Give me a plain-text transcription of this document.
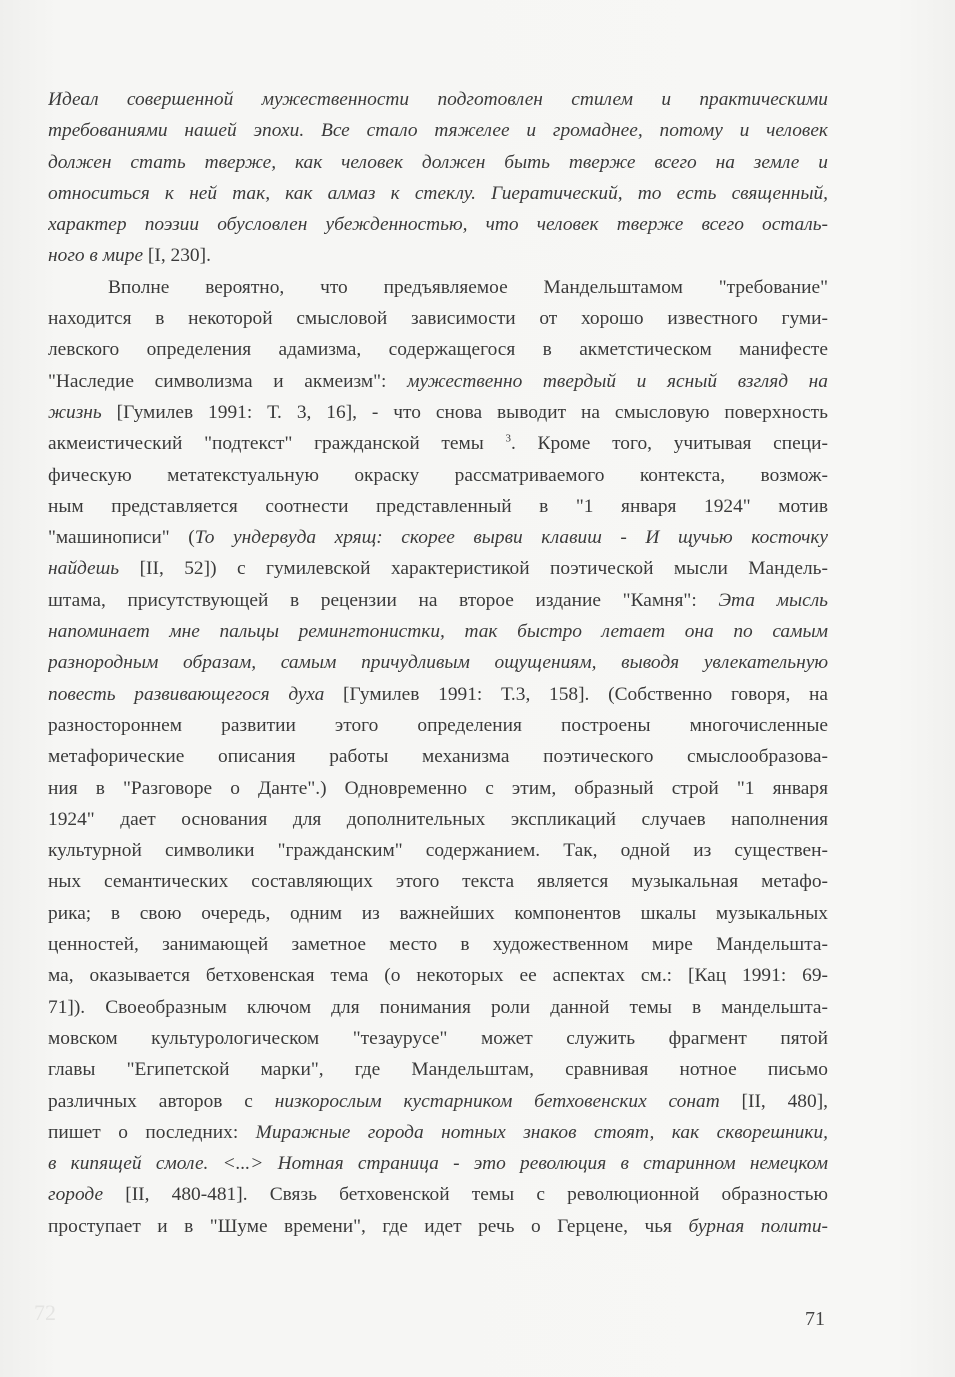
Идеал совершенной мужественности подготовлен стилем и практическими
требованиями нашей эпохи. Все стало тяжелее и громаднее, потому и человек
должен стать тверже, как человек должен быть тверже всего на земле и
относиться к ней так, как алмаз к стеклу. Гиератический, то есть священный,
характер поэзии обусловлен убежденностью, что человек тверже всего осталь-
ного в мире [I, 230].
Вполне вероятно, что предъявляемое Мандельштамом "требование"
находится в некоторой смысловой зависимости от хорошо известного гуми-
левского определения адамизма, содержащегося в акметстическом манифесте
"Наследие символизма и акмеизм": мужественно твердый и ясный взгляд на
жизнь [Гумилев 1991: Т. 3, 16], - что снова выводит на смысловую поверхность
акмеистический "подтекст" гражданской темы $^3$. Кроме того, учитывая специ-
фическую метатекстуальную окраску рассматриваемого контекста, возмож-
ным представляется соотнести представленный в "1 января 1924" мотив
"машинописи" (То ундервуда хрящ: скорее вырви клавиш - И щучью косточку
найдешь [II, 52]) с гумилевской характеристикой поэтической мысли Мандель-
штама, присутствующей в рецензии на второе издание "Камня": Эта мысль
напоминает мне пальцы ремингтонистки, так быстро летает она по самым
разнородным образам, самым причудливым ощущениям, выводя увлекательную
повесть развивающегося духа [Гумилев 1991: Т.3, 158]. (Собственно говоря, на
разностороннем развитии этого определения построены многочисленные
метафорические описания работы механизма поэтического смыслообразова-
ния в "Разговоре о Данте".) Одновременно с этим, образный строй "1 января
1924" дает основания для дополнительных экспликаций случаев наполнения
культурной символики "гражданским" содержанием. Так, одной из существен-
ных семантических составляющих этого текста является музыкальная метафо-
рика; в свою очередь, одним из важнейших компонентов шкалы музыкальных
ценностей, занимающей заметное место в художественном мире Мандельшта-
ма, оказывается бетховенская тема (о некоторых ее аспектах см.: [Кац 1991: 69-
71]). Своеобразным ключом для понимания роли данной темы в мандельшта-
мовском культурологическом "тезаурусе" может служить фрагмент пятой
главы "Египетской марки", где Мандельштам, сравнивая нотное письмо
различных авторов с низкорослым кустарником бетховенских сонат [II, 480],
пишет о последних: Миражные города нотных знаков стоят, как скворешники,
в кипящей смоле. <...> Нотная страница - это революция в старинном немецком
городе [II, 480-481]. Связь бетховенской темы с революционной образностью
проступает и в "Шуме времени", где идет речь о Герцене, чья бурная полити-
72	71
